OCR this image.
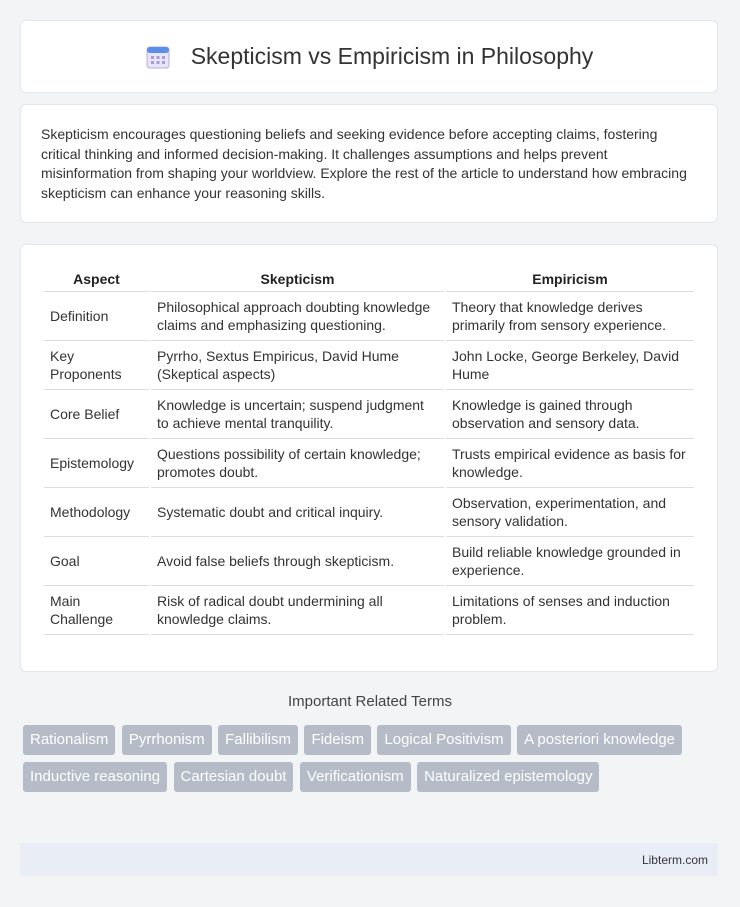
Skepticism vs Empiricism in Philosophy

Skepticism encourages questioning beliefs and seeking evidence before accepting claims, fostering critical thinking and informed decision-making. It challenges assumptions and helps prevent misinformation from shaping your worldview. Explore the rest of the article to understand how embracing skepticism can enhance your reasoning skills.

Aspect	Skepticism	Empiricism
Definition	Philosophical approach doubting knowledge claims and emphasizing questioning.	Theory that knowledge derives primarily from sensory experience.
Key Proponents	Pyrrho, Sextus Empiricus, David Hume (Skeptical aspects)	John Locke, George Berkeley, David Hume
Core Belief	Knowledge is uncertain; suspend judgment to achieve mental tranquility.	Knowledge is gained through observation and sensory data.
Epistemology	Questions possibility of certain knowledge; promotes doubt.	Trusts empirical evidence as basis for knowledge.
Methodology	Systematic doubt and critical inquiry.	Observation, experimentation, and sensory validation.
Goal	Avoid false beliefs through skepticism.	Build reliable knowledge grounded in experience.
Main Challenge	Risk of radical doubt undermining all knowledge claims.	Limitations of senses and induction problem.
Important Related Terms
Rationalism Pyrrhonism Fallibilism Fideism Logical Positivism A posteriori knowledge Inductive reasoning Cartesian doubt Verificationism Naturalized epistemology
Libterm.com
